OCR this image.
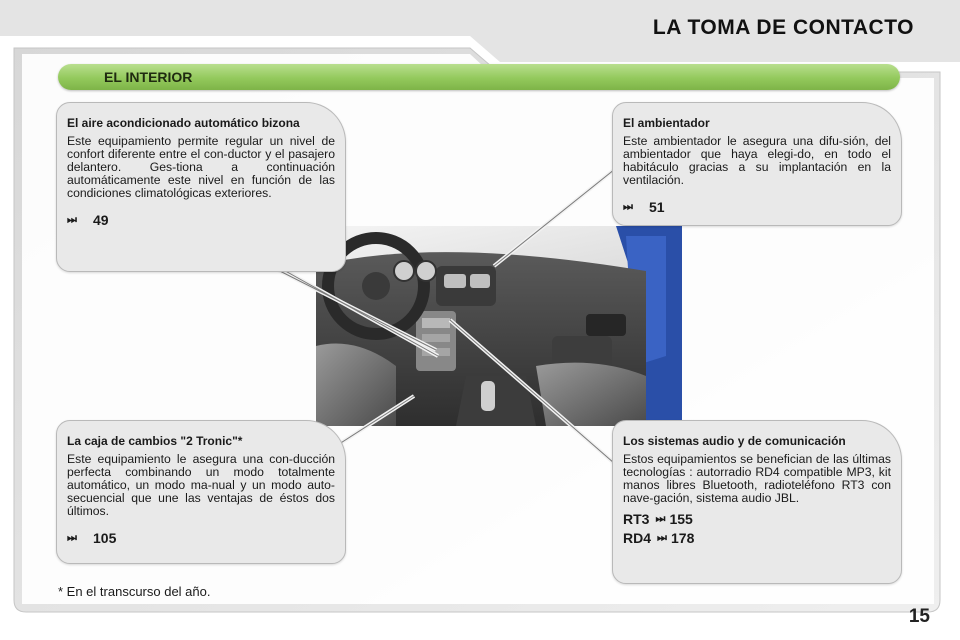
LA TOMA DE CONTACTO
EL INTERIOR
El aire acondicionado automático bizona
Este equipamiento permite regular un nivel de confort diferente entre el con-ductor y el pasajero delantero. Ges-tiona a continuación automáticamente este nivel en función de las condiciones climatológicas exteriores.
⏭ 49
El ambientador
Este ambientador le asegura una difu-sión, del ambientador que haya elegi-do, en todo el habitáculo gracias a su implantación en la ventilación.
⏭ 51
La caja de cambios "2 Tronic"*
Este equipamiento le asegura una con-ducción perfecta combinando un modo totalmente automático, un modo ma-nual y un modo auto-secuencial que une las ventajas de éstos dos últimos.
⏭ 105
Los sistemas audio y de comunicación
Estos equipamientos se benefician de las últimas tecnologías : autorradio RD4 compatible MP3, kit manos libres Bluetooth, radioteléfono RT3 con nave-gación, sistema audio JBL.
RT3 ⏭ 155
RD4 ⏭ 178
* En el transcurso del año.
15
